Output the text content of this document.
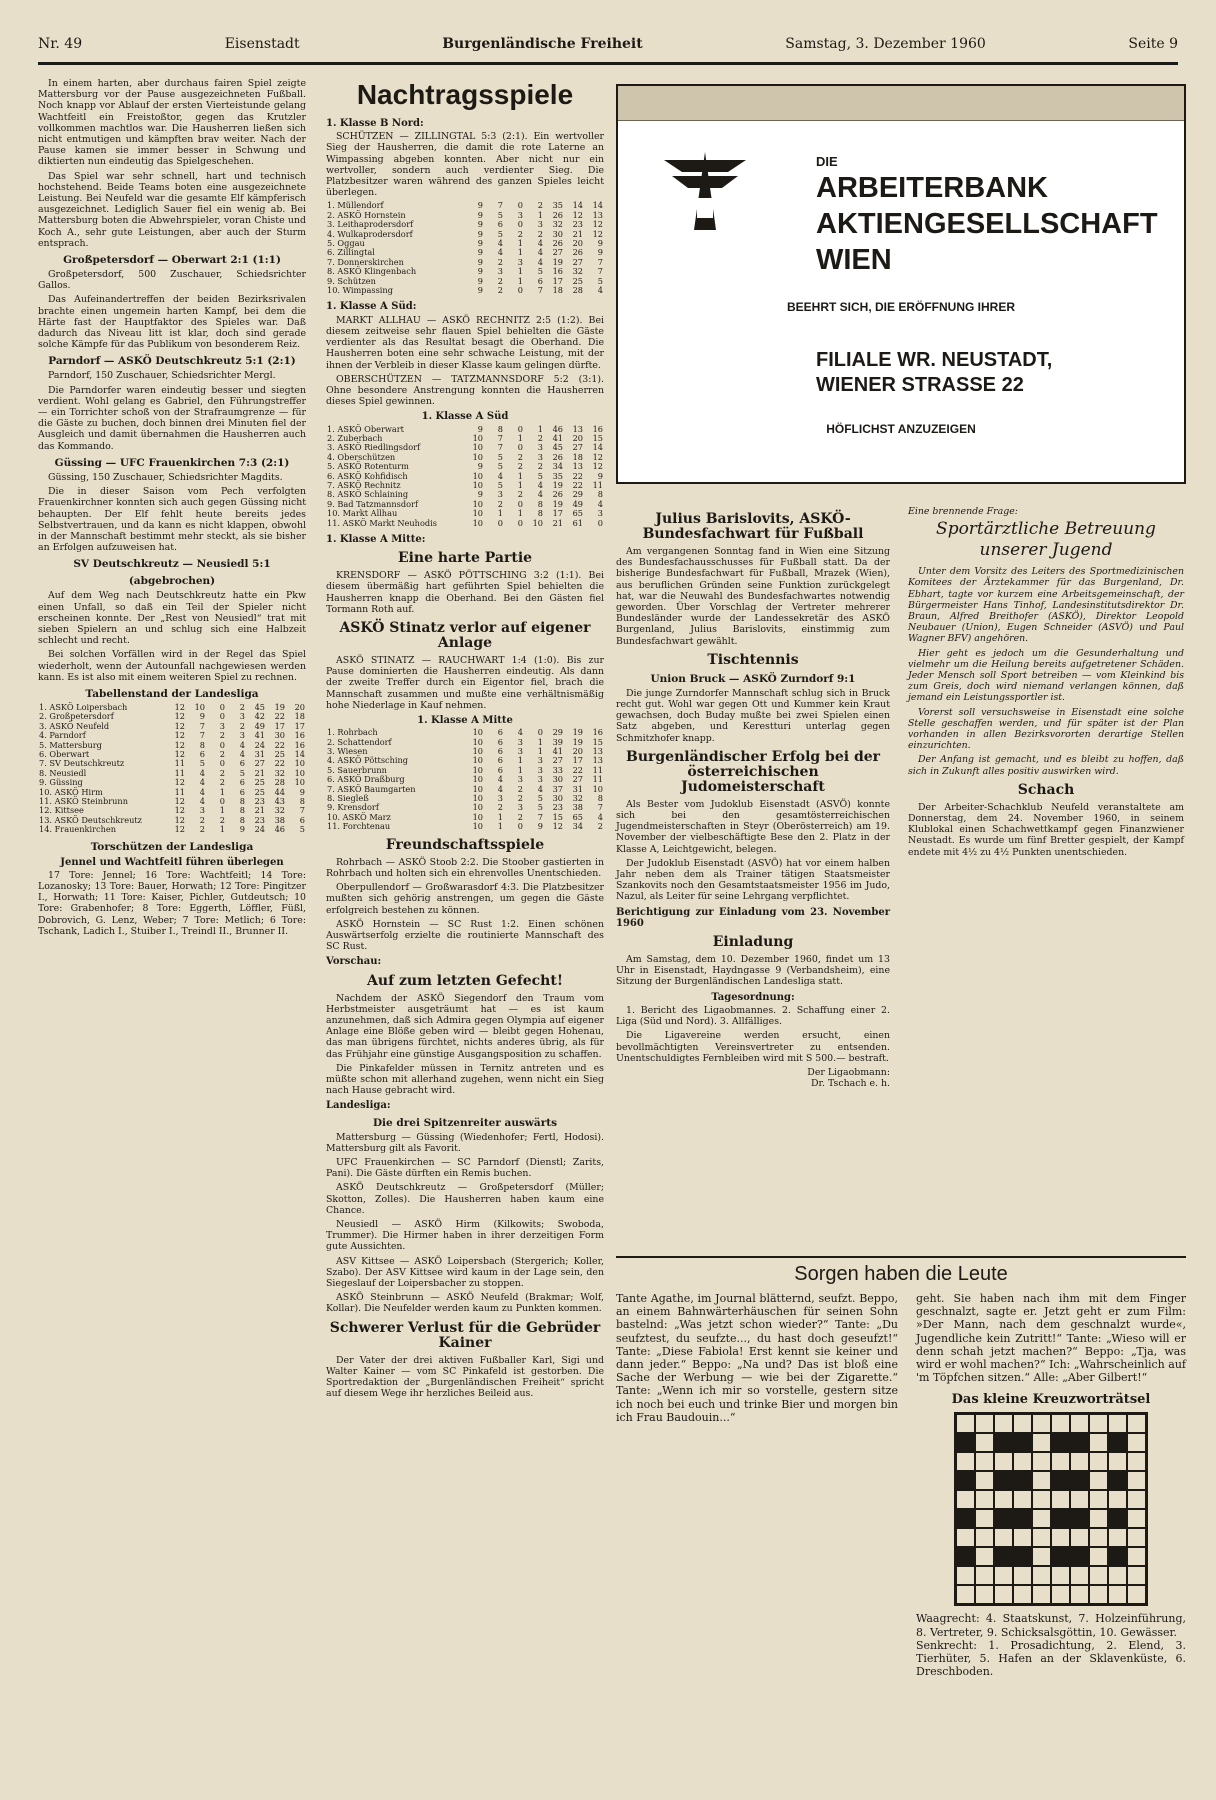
Nr. 49	Eisenstadt	Burgenländische Freiheit	Samstag, 3. Dezember 1960	Seite 9

In einem harten, aber durchaus fairen Spiel zeigte Mattersburg vor der Pause ausgezeichneten Fußball. Noch knapp vor Ablauf der ersten Vierteistunde gelang Wachtfeitl ein Freistoßtor, gegen das Krutzler vollkommen machtlos war. Die Hausherren ließen sich nicht entmutigen und kämpften brav weiter. Nach der Pause kamen sie immer besser in Schwung und diktierten nun eindeutig das Spielgeschehen.

Das Spiel war sehr schnell, hart und technisch hochstehend. Beide Teams boten eine ausgezeichnete Leistung. Bei Neufeld war die gesamte Elf kämpferisch ausgezeichnet. Lediglich Sauer fiel ein wenig ab. Bei Mattersburg boten die Abwehrspieler, voran Chiste und Koch A., sehr gute Leistungen, aber auch der Sturm entsprach.

Großpetersdorf — Oberwart 2:1 (1:1)

Großpetersdorf, 500 Zuschauer, Schiedsrichter Gallos.

Das Aufeinandertreffen der beiden Bezirksrivalen brachte einen ungemein harten Kampf, bei dem die Härte fast der Hauptfaktor des Spieles war. Daß dadurch das Niveau litt ist klar, doch sind gerade solche Kämpfe für das Publikum von besonderem Reiz.

Parndorf — ASKÖ Deutschkreutz 5:1 (2:1)

Parndorf, 150 Zuschauer, Schiedsrichter Mergl.

Die Parndorfer waren eindeutig besser und siegten verdient. Wohl gelang es Gabriel, den Führungstreffer — ein Torrichter schoß von der Strafraumgrenze — für die Gäste zu buchen, doch binnen drei Minuten fiel der Ausgleich und damit übernahmen die Hausherren auch das Kommando.

Güssing — UFC Frauenkirchen 7:3 (2:1)

Güssing, 150 Zuschauer, Schiedsrichter Magdits.

Die in dieser Saison vom Pech verfolgten Frauenkirchner konnten sich auch gegen Güssing nicht behaupten. Der Elf fehlt heute bereits jedes Selbstvertrauen, und da kann es nicht klappen, obwohl in der Mannschaft bestimmt mehr steckt, als sie bisher an Erfolgen aufzuweisen hat.

SV Deutschkreutz — Neusiedl 5:1
(abgebrochen)

Auf dem Weg nach Deutschkreutz hatte ein Pkw einen Unfall, so daß ein Teil der Spieler nicht erscheinen konnte. Der „Rest von Neusiedl“ trat mit sieben Spielern an und schlug sich eine Halbzeit schlecht und recht.

Bei solchen Vorfällen wird in der Regel das Spiel wiederholt, wenn der Autounfall nachgewiesen werden kann. Es ist also mit einem weiteren Spiel zu rechnen.

Tabellenstand der Landesliga
1. ASKÖ Loipersbach	12	10	0	2	45	19	20
2. Großpetersdorf	12	9	0	3	42	22	18
3. ASKÖ Neufeld	12	7	3	2	49	17	17
4. Parndorf	12	7	2	3	41	30	16
5. Mattersburg	12	8	0	4	24	22	16
6. Oberwart	12	6	2	4	31	25	14
7. SV Deutschkreutz	11	5	0	6	27	22	10
8. Neusiedl	11	4	2	5	21	32	10
9. Güssing	12	4	2	6	25	28	10
10. ASKÖ Hirm	11	4	1	6	25	44	9
11. ASKÖ Steinbrunn	12	4	0	8	23	43	8
12. Kittsee	12	3	1	8	21	32	7
13. ASKÖ Deutschkreutz	12	2	2	8	23	38	6
14. Frauenkirchen	12	2	1	9	24	46	5
Torschützen der Landesliga
Jennel und Wachtfeitl führen überlegen

17 Tore: Jennel; 16 Tore: Wachtfeitl; 14 Tore: Lozanosky; 13 Tore: Bauer, Horwath; 12 Tore: Pingitzer I., Horwath; 11 Tore: Kaiser, Pichler, Gutdeutsch; 10 Tore: Grabenhofer; 8 Tore: Eggerth, Löffler, Füßl, Dobrovich, G. Lenz, Weber; 7 Tore: Metlich; 6 Tore: Tschank, Ladich I., Stuiber I., Treindl II., Brunner II.

Nachtragsspiele
1. Klasse B Nord:

SCHÜTZEN — ZILLINGTAL 5:3 (2:1). Ein wertvoller Sieg der Hausherren, die damit die rote Laterne an Wimpassing abgeben konnten. Aber nicht nur ein wertvoller, sondern auch verdienter Sieg. Die Platzbesitzer waren während des ganzen Spieles leicht überlegen.

1. Müllendorf	9	7	0	2	35	14	14
2. ASKÖ Hornstein	9	5	3	1	26	12	13
3. Leithaprodersdorf	9	6	0	3	32	23	12
4. Wulkaprodersdorf	9	5	2	2	30	21	12
5. Oggau	9	4	1	4	26	20	9
6. Zillingtal	9	4	1	4	27	26	9
7. Donnerskirchen	9	2	3	4	19	27	7
8. ASKÖ Klingenbach	9	3	1	5	16	32	7
9. Schützen	9	2	1	6	17	25	5
10. Wimpassing	9	2	0	7	18	28	4
1. Klasse A Süd:

MARKT ALLHAU — ASKÖ RECHNITZ 2:5 (1:2). Bei diesem zeitweise sehr flauen Spiel behielten die Gäste verdienter als das Resultat besagt die Oberhand. Die Hausherren boten eine sehr schwache Leistung, mit der ihnen der Verbleib in dieser Klasse kaum gelingen dürfte.

OBERSCHÜTZEN — TATZMANNSDORF 5:2 (3:1). Ohne besondere Anstrengung konnten die Hausherren dieses Spiel gewinnen.

1. Klasse A Süd
1. ASKÖ Oberwart	9	8	0	1	46	13	16
2. Zuberbach	10	7	1	2	41	20	15
3. ASKÖ Riedlingsdorf	10	7	0	3	45	27	14
4. Oberschützen	10	5	2	3	26	18	12
5. ASKÖ Rotenturm	9	5	2	2	34	13	12
6. ASKÖ Kohfidisch	10	4	1	5	35	22	9
7. ASKÖ Rechnitz	10	5	1	4	19	22	11
8. ASKÖ Schlaining	9	3	2	4	26	29	8
9. Bad Tatzmannsdorf	10	2	0	8	19	49	4
10. Markt Allhau	10	1	1	8	17	65	3
11. ASKÖ Markt Neuhodis	10	0	0	10	21	61	0
1. Klasse A Mitte:
Eine harte Partie

KRENSDORF — ASKÖ PÖTTSCHING 3:2 (1:1). Bei diesem übermäßig hart geführten Spiel behielten die Hausherren knapp die Oberhand. Bei den Gästen fiel Tormann Roth auf.

ASKÖ Stinatz verlor auf eigener Anlage

ASKÖ STINATZ — RAUCHWART 1:4 (1:0). Bis zur Pause dominierten die Hausherren eindeutig. Als dann der zweite Treffer durch ein Eigentor fiel, brach die Mannschaft zusammen und mußte eine verhältnismäßig hohe Niederlage in Kauf nehmen.

1. Klasse A Mitte
1. Rohrbach	10	6	4	0	29	19	16
2. Schattendorf	10	6	3	1	39	19	15
3. Wiesen	10	6	3	1	41	20	13
4. ASKÖ Pöttsching	10	6	1	3	27	17	13
5. Sauerbrunn	10	6	1	3	33	22	11
6. ASKÖ Draßburg	10	4	3	3	30	27	11
7. ASKÖ Baumgarten	10	4	2	4	37	31	10
8. Siegleß	10	3	2	5	30	32	8
9. Krensdorf	10	2	3	5	23	38	7
10. ASKÖ Marz	10	1	2	7	15	65	4
11. Forchtenau	10	1	0	9	12	34	2
Freundschaftsspiele

Rohrbach — ASKÖ Stoob 2:2. Die Stoober gastierten in Rohrbach und holten sich ein ehrenvolles Unentschieden.

Oberpullendorf — Großwarasdorf 4:3. Die Platzbesitzer mußten sich gehörig anstrengen, um gegen die Gäste erfolgreich bestehen zu können.

ASKÖ Hornstein — SC Rust 1:2. Einen schönen Auswärtserfolg erzielte die routinierte Mannschaft des SC Rust.

Vorschau:
Auf zum letzten Gefecht!

Nachdem der ASKÖ Siegendorf den Traum vom Herbstmeister ausgeträumt hat — es ist kaum anzunehmen, daß sich Admira gegen Olympia auf eigener Anlage eine Blöße geben wird — bleibt gegen Hohenau, das man übrigens fürchtet, nichts anderes übrig, als für das Frühjahr eine günstige Ausgangsposition zu schaffen.

Die Pinkafelder müssen in Ternitz antreten und es müßte schon mit allerhand zugehen, wenn nicht ein Sieg nach Hause gebracht wird.

Landesliga:
Die drei Spitzenreiter auswärts

Mattersburg — Güssing (Wiedenhofer; Fertl, Hodosi). Mattersburg gilt als Favorit.

UFC Frauenkirchen — SC Parndorf (Dienstl; Zarits, Pani). Die Gäste dürften ein Remis buchen.

ASKÖ Deutschkreutz — Großpetersdorf (Müller; Skotton, Zolles). Die Hausherren haben kaum eine Chance.

Neusiedl — ASKÖ Hirm (Kilkowits; Swoboda, Trummer). Die Hirmer haben in ihrer derzeitigen Form gute Aussichten.

ASV Kittsee — ASKÖ Loipersbach (Stergerich; Koller, Szabo). Der ASV Kittsee wird kaum in der Lage sein, den Siegeslauf der Loipersbacher zu stoppen.

ASKÖ Steinbrunn — ASKÖ Neufeld (Brakmar; Wolf, Kollar). Die Neufelder werden kaum zu Punkten kommen.

Schwerer Verlust für die Gebrüder Kainer

Der Vater der drei aktiven Fußballer Karl, Sigi und Walter Kainer — vom SC Pinkafeld ist gestorben. Die Sportredaktion der „Burgenländischen Freiheit“ spricht auf diesem Wege ihr herzliches Beileid aus.

DIE
ARBEITERBANK
AKTIENGESELLSCHAFT
WIEN
BEEHRT SICH, DIE ERÖFFNUNG IHRER
FILIALE WR. NEUSTADT,
WIENER STRASSE 22
HÖFLICHST ANZUZEIGEN
Julius Barislovits, ASKÖ-Bundesfachwart für Fußball

Am vergangenen Sonntag fand in Wien eine Sitzung des Bundesfachausschusses für Fußball statt. Da der bisherige Bundesfachwart für Fußball, Mrazek (Wien), aus beruflichen Gründen seine Funktion zurückgelegt hat, war die Neuwahl des Bundesfachwartes notwendig geworden. Über Vorschlag der Vertreter mehrerer Bundesländer wurde der Landessekretär des ASKÖ Burgenland, Julius Barislovits, einstimmig zum Bundesfachwart gewählt.

Tischtennis
Union Bruck — ASKÖ Zurndorf 9:1

Die junge Zurndorfer Mannschaft schlug sich in Bruck recht gut. Wohl war gegen Ott und Kummer kein Kraut gewachsen, doch Buday mußte bei zwei Spielen einen Satz abgeben, und Kerestturi unterlag gegen Schmitzhofer knapp.

Burgenländischer Erfolg bei der österreichischen Judomeisterschaft

Als Bester vom Judoklub Eisenstadt (ASVÖ) konnte sich bei den gesamtösterreichischen Jugendmeisterschaften in Steyr (Oberösterreich) am 19. November der vielbeschäftigte Bese den 2. Platz in der Klasse A, Leichtgewicht, belegen.

Der Judoklub Eisenstadt (ASVÖ) hat vor einem halben Jahr neben dem als Trainer tätigen Staatsmeister Szankovits noch den Gesamtstaatsmeister 1956 im Judo, Nazul, als Leiter für seine Lehrgang verpflichtet.

Berichtigung zur Einladung vom 23. November 1960
Einladung

Am Samstag, dem 10. Dezember 1960, findet um 13 Uhr in Eisenstadt, Haydngasse 9 (Verbandsheim), eine Sitzung der Burgenländischen Landesliga statt.

Tagesordnung:

1. Bericht des Ligaobmannes. 2. Schaffung einer 2. Liga (Süd und Nord). 3. Allfälliges.

Die Ligavereine werden ersucht, einen bevollmächtigten Vereinsvertreter zu entsenden. Unentschuldigtes Fernbleiben wird mit S 500.— bestraft.

Der Ligaobmann:
Dr. Tschach e. h.
Eine brennende Frage:
Sportärztliche Betreuung unserer Jugend

Unter dem Vorsitz des Leiters des Sportmedizinischen Komitees der Ärztekammer für das Burgenland, Dr. Ebhart, tagte vor kurzem eine Arbeitsgemeinschaft, der Bürgermeister Hans Tinhof, Landesinstitutsdirektor Dr. Braun, Alfred Breithofer (ASKÖ), Direktor Leopold Neubauer (Union), Eugen Schneider (ASVÖ) und Paul Wagner BFV) angehören.

Hier geht es jedoch um die Gesunderhaltung und vielmehr um die Heilung bereits aufgetretener Schäden. Jeder Mensch soll Sport betreiben — vom Kleinkind bis zum Greis, doch wird niemand verlangen können, daß jemand ein Leistungssportler ist.

Vorerst soll versuchsweise in Eisenstadt eine solche Stelle geschaffen werden, und für später ist der Plan vorhanden in allen Bezirksvororten derartige Stellen einzurichten.

Der Anfang ist gemacht, und es bleibt zu hoffen, daß sich in Zukunft alles positiv auswirken wird.

Schach

Der Arbeiter-Schachklub Neufeld veranstaltete am Donnerstag, dem 24. November 1960, in seinem Klublokal einen Schachwettkampf gegen Finanzwiener Neustadt. Es wurde um fünf Bretter gespielt, der Kampf endete mit 4½ zu 4½ Punkten unentschieden.

Sorgen haben die Leute
Tante Agathe, im Journal blätternd, seufzt. Beppo, an einem Bahnwärterhäuschen für seinen Sohn bastelnd: „Was jetzt schon wieder?“ Tante: „Du seufztest, du seufzte..., du hast doch geseufzt!“ Tante: „Diese Fabiola! Erst kennt sie keiner und dann jeder.“ Beppo: „Na und? Das ist bloß eine Sache der Werbung — wie bei der Zigarette.“ Tante: „Wenn ich mir so vorstelle, gestern sitze ich noch bei euch und trinke Bier und morgen bin ich Frau Baudouin...“
geht. Sie haben nach ihm mit dem Finger geschnalzt, sagte er. Jetzt geht er zum Film: »Der Mann, nach dem geschnalzt wurde«, Jugendliche kein Zutritt!“ Tante: „Wieso will er denn schah jetzt machen?“ Beppo: „Tja, was wird er wohl machen?“ Ich: „Wahrscheinlich auf 'm Töpfchen sitzen.“ Alle: „Aber Gilbert!“
Das kleine Kreuzworträtsel
Waagrecht: 4. Staatskunst, 7. Holzeinführung, 8. Vertreter, 9. Schicksalsgöttin, 10. Gewässer.
Senkrecht: 1. Prosadichtung, 2. Elend, 3. Tierhüter, 5. Hafen an der Sklavenküste, 6. Dreschboden.
